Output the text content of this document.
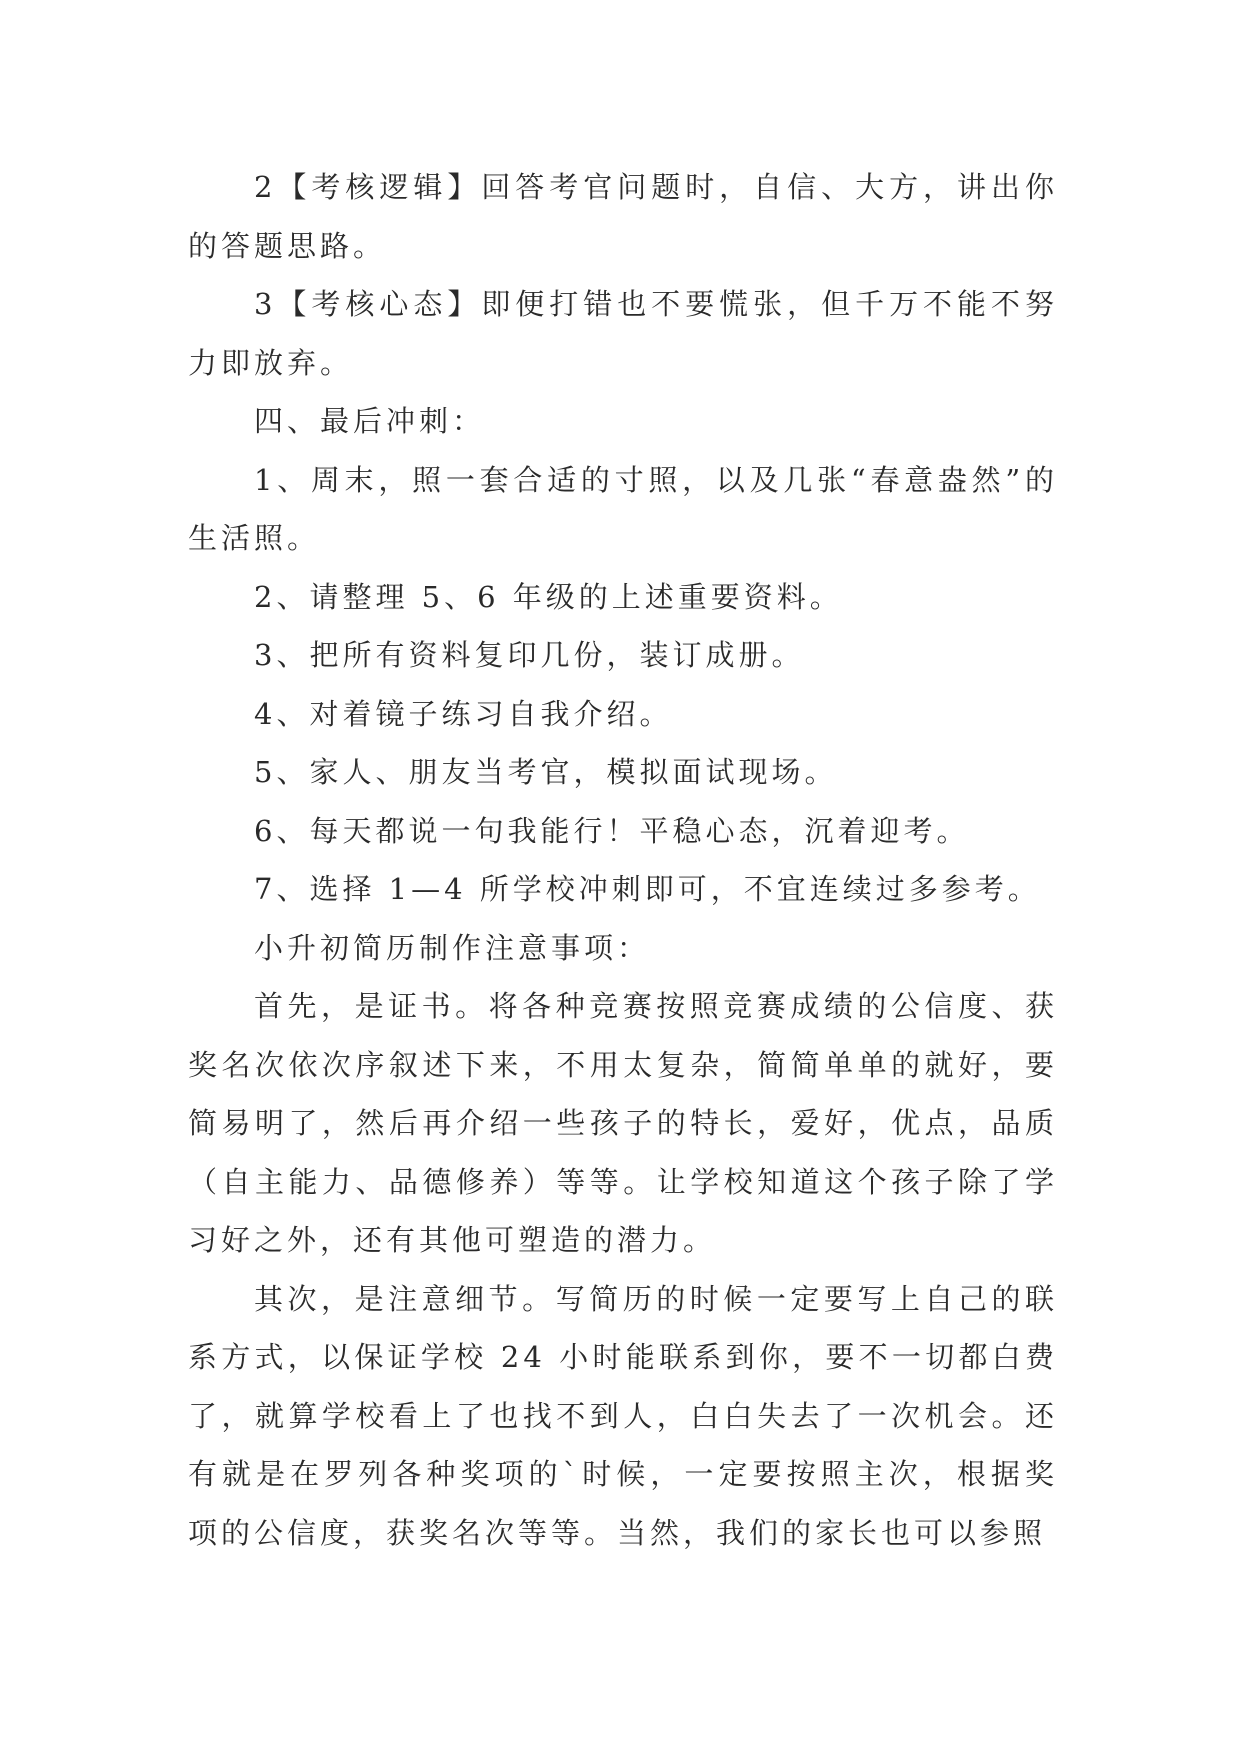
2【考核逻辑】回答考官问题时，自信、大方，讲出你的答题思路。

3【考核心态】即便打错也不要慌张，但千万不能不努力即放弃。

四、最后冲刺：

1、周末，照一套合适的寸照，以及几张“春意盎然”的生活照。

2、请整理 5、6 年级的上述重要资料。

3、把所有资料复印几份，装订成册。

4、对着镜子练习自我介绍。

5、家人、朋友当考官，模拟面试现场。

6、每天都说一句我能行！平稳心态，沉着迎考。

7、选择 1—4 所学校冲刺即可，不宜连续过多参考。

小升初简历制作注意事项：

首先，是证书。将各种竞赛按照竞赛成绩的公信度、获奖名次依次序叙述下来，不用太复杂，简简单单的就好，要简易明了，然后再介绍一些孩子的特长，爱好，优点，品质（自主能力、品德修养）等等。让学校知道这个孩子除了学习好之外，还有其他可塑造的潜力。

其次，是注意细节。写简历的时候一定要写上自己的联系方式，以保证学校 24 小时能联系到你，要不一切都白费了，就算学校看上了也找不到人，白白失去了一次机会。还有就是在罗列各种奖项的`时候，一定要按照主次，根据奖项的公信度，获奖名次等等。当然，我们的家长也可以参照
